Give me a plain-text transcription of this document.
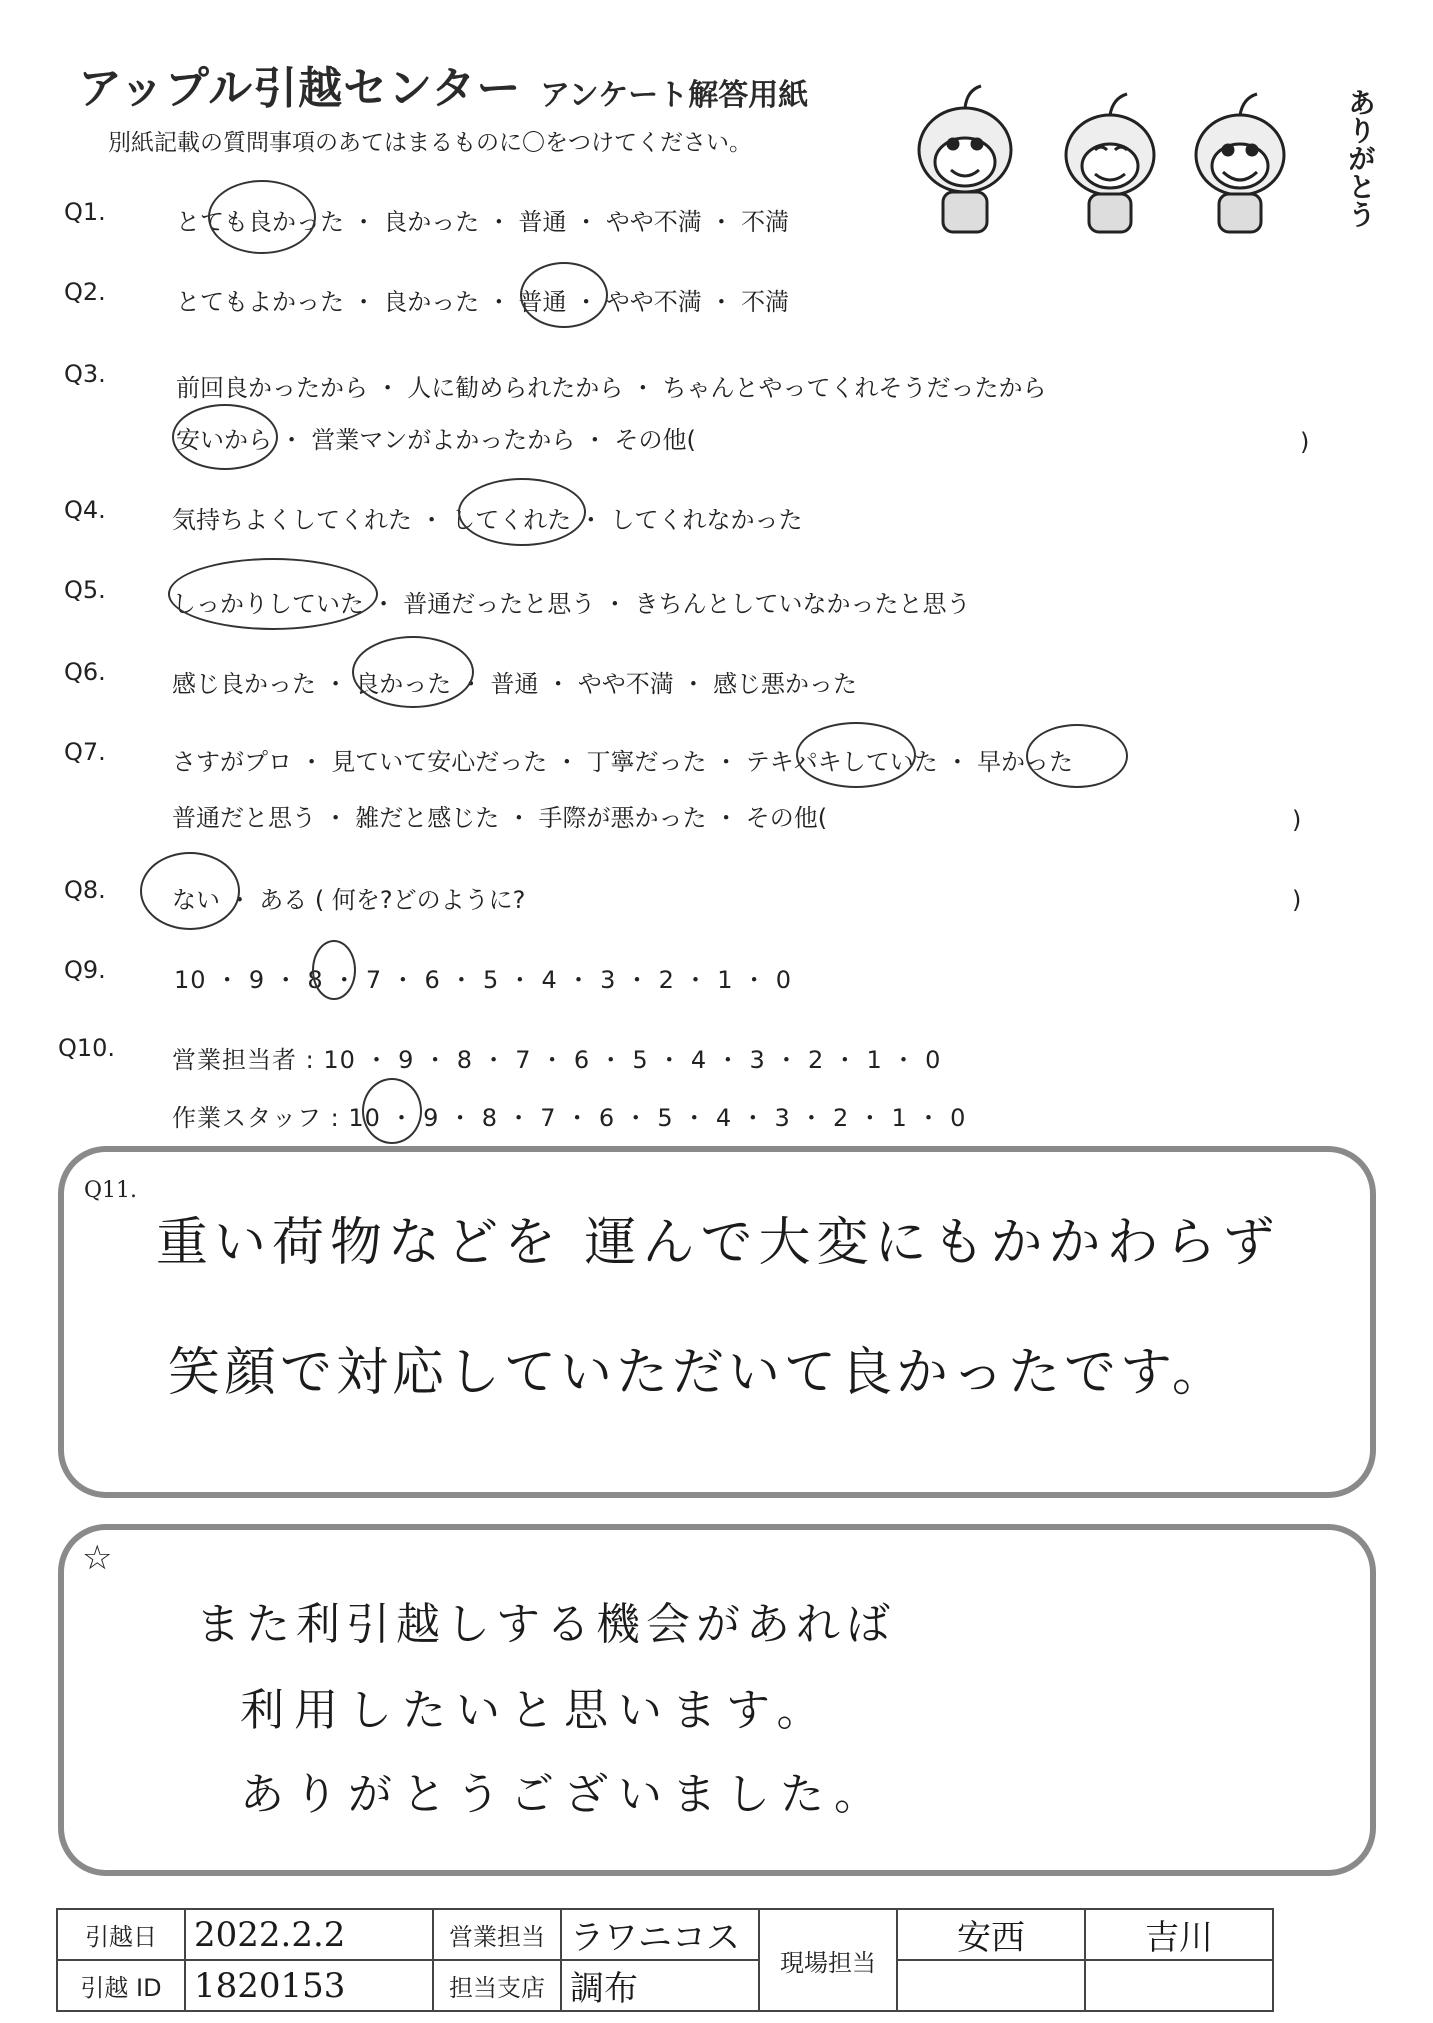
アップル引越センター アンケート解答用紙
別紙記載の質問事項のあてはまるものに〇をつけてください。	ありがとう
Q1.	とても良かった ・ 良かった ・ 普通 ・ やや不満 ・ 不満
Q2.	とてもよかった ・ 良かった ・ 普通 ・ やや不満 ・ 不満
Q3.	前回良かったから ・ 人に勧められたから ・ ちゃんとやってくれそうだったから
安いから ・ 営業マンがよかったから ・ その他(	)
Q4.	気持ちよくしてくれた ・ してくれた ・ してくれなかった
Q5.	しっかりしていた ・ 普通だったと思う ・ きちんとしていなかったと思う
Q6.	感じ良かった ・ 良かった ・ 普通 ・ やや不満 ・ 感じ悪かった
Q7.	さすがプロ ・ 見ていて安心だった ・ 丁寧だった ・ テキパキしていた ・ 早かった
普通だと思う ・ 雑だと感じた ・ 手際が悪かった ・ その他(	)
Q8.	ない ・ ある ( 何を?どのように?	)
Q9.	10 ・ 9 ・ 8 ・ 7 ・ 6 ・ 5 ・ 4 ・ 3 ・ 2 ・ 1 ・ 0
Q10. 営業担当者 : 10 ・ 9 ・ 8 ・ 7 ・ 6 ・ 5 ・ 4 ・ 3 ・ 2 ・ 1 ・ 0
作業スタッフ : 10 ・ 9 ・ 8 ・ 7 ・ 6 ・ 5 ・ 4 ・ 3 ・ 2 ・ 1 ・ 0
Q11.
重い荷物などを 運んで大変にもかかわらず
笑顔で対応していただいて良かったです。
☆
また利引越しする機会があれば
利用したいと思います。
ありがとうございました。
引越日	2022.2.2	営業担当	ラワニコス	現場担当	安西	吉川
引越 ID	1820153	担当支店	調布			
